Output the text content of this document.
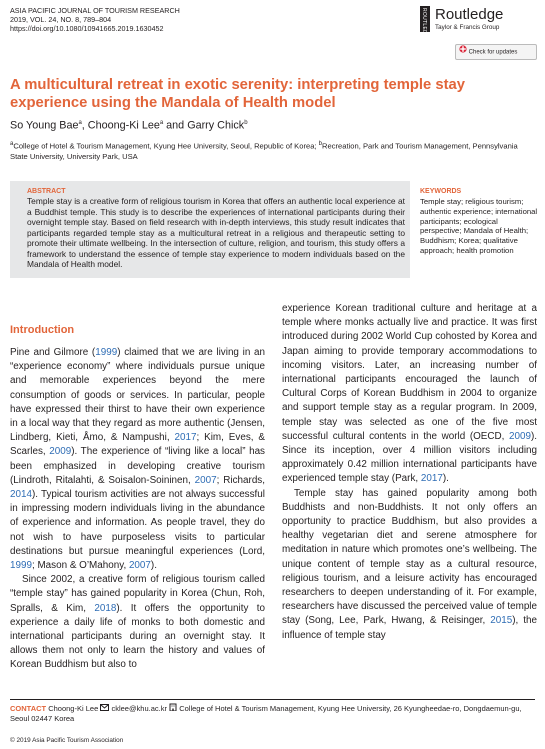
ASIA PACIFIC JOURNAL OF TOURISM RESEARCH
2019, VOL. 24, NO. 8, 789–804
https://doi.org/10.1080/10941665.2019.1630452	ROUTLEDGE Routledge
Taylor & Francis Group
Check for updates
A multicultural retreat in exotic serenity: interpreting temple stay experience using the Mandala of Health model
So Young Bae$^a$, Choong-Ki Lee$^a$ and Garry Chick$^b$
$^a$College of Hotel & Tourism Management, Kyung Hee University, Seoul, Republic of Korea; $^b$Recreation, Park and Tourism Management, Pennsylvania State University, University Park, USA
ABSTRACT
Temple stay is a creative form of religious tourism in Korea that offers an authentic local experience at a Buddhist temple. This study is to describe the experiences of international participants during their overnight temple stay. Based on field research with in-depth interviews, this study result indicates that participants regarded temple stay as a multicultural retreat in a religious and therapeutic setting to promote their ultimate wellbeing. In the intersection of culture, religion, and tourism, this study offers a framework to understand the essence of temple stay experience to modern individuals based on the Mandala of Health model.
KEYWORDS
Temple stay; religious tourism; authentic experience; international participants; ecological perspective; Mandala of Health; Buddhism; Korea; qualitative approach; health promotion
Introduction

Pine and Gilmore (1999) claimed that we are living in an “experience economy” where individuals pursue unique and memorable experiences beyond the mere consumption of goods or services. In particular, people have expressed their thirst to have their own experience in a local way that they regard as more authentic (Jensen, Lindberg, Kieti, Åmo, & Nampushi, 2017; Kim, Eves, & Scarles, 2009). The experience of “living like a local” has been emphasized in developing creative tourism (Lindroth, Ritalahti, & Soisalon-Soininen, 2007; Richards, 2014). Typical tourism activities are not always successful in impressing modern individuals living in the abundance of experience and information. As people travel, they do not wish to have purposeless visits to particular destinations but pursue meaningful experiences (Lord, 1999; Mason & O’Mahony, 2007).

Since 2002, a creative form of religious tourism called “temple stay” has gained popularity in Korea (Chun, Roh, Spralls, & Kim, 2018). It offers the opportunity to experience a daily life of monks to both domestic and international participants during an overnight stay. It allows them not only to learn the history and values of Korean Buddhism but also to

experience Korean traditional culture and heritage at a temple where monks actually live and practice. It was first introduced during 2002 World Cup cohosted by Korea and Japan aiming to provide temporary accommodations to incoming visitors. Later, an increasing number of international participants encouraged the launch of Cultural Corps of Korean Buddhism in 2004 to organize and support temple stay as a regular program. In 2009, temple stay was selected as one of the five most successful cultural contents in the world (OECD, 2009). Since its inception, over 4 million visitors including approximately 0.42 million international participants have experienced temple stay (Park, 2017).

Temple stay has gained popularity among both Buddhists and non-Buddhists. It not only offers an opportunity to practice Buddhism, but also provides a healthy vegetarian diet and serene atmosphere for meditation in nature which promotes one’s wellbeing. The unique content of temple stay as a cultural resource, religious tourism, and a leisure activity has encouraged researchers to deepen understanding of it. For example, researchers have discussed the perceived value of temple stay (Song, Lee, Park, Hwang, & Reisinger, 2015), the influence of temple stay

CONTACT Choong-Ki Lee cklee@khu.ac.kr College of Hotel & Tourism Management, Kyung Hee University, 26 Kyungheedae-ro, Dongdaemun-gu, Seoul 02447 Korea
© 2019 Asia Pacific Tourism Association
